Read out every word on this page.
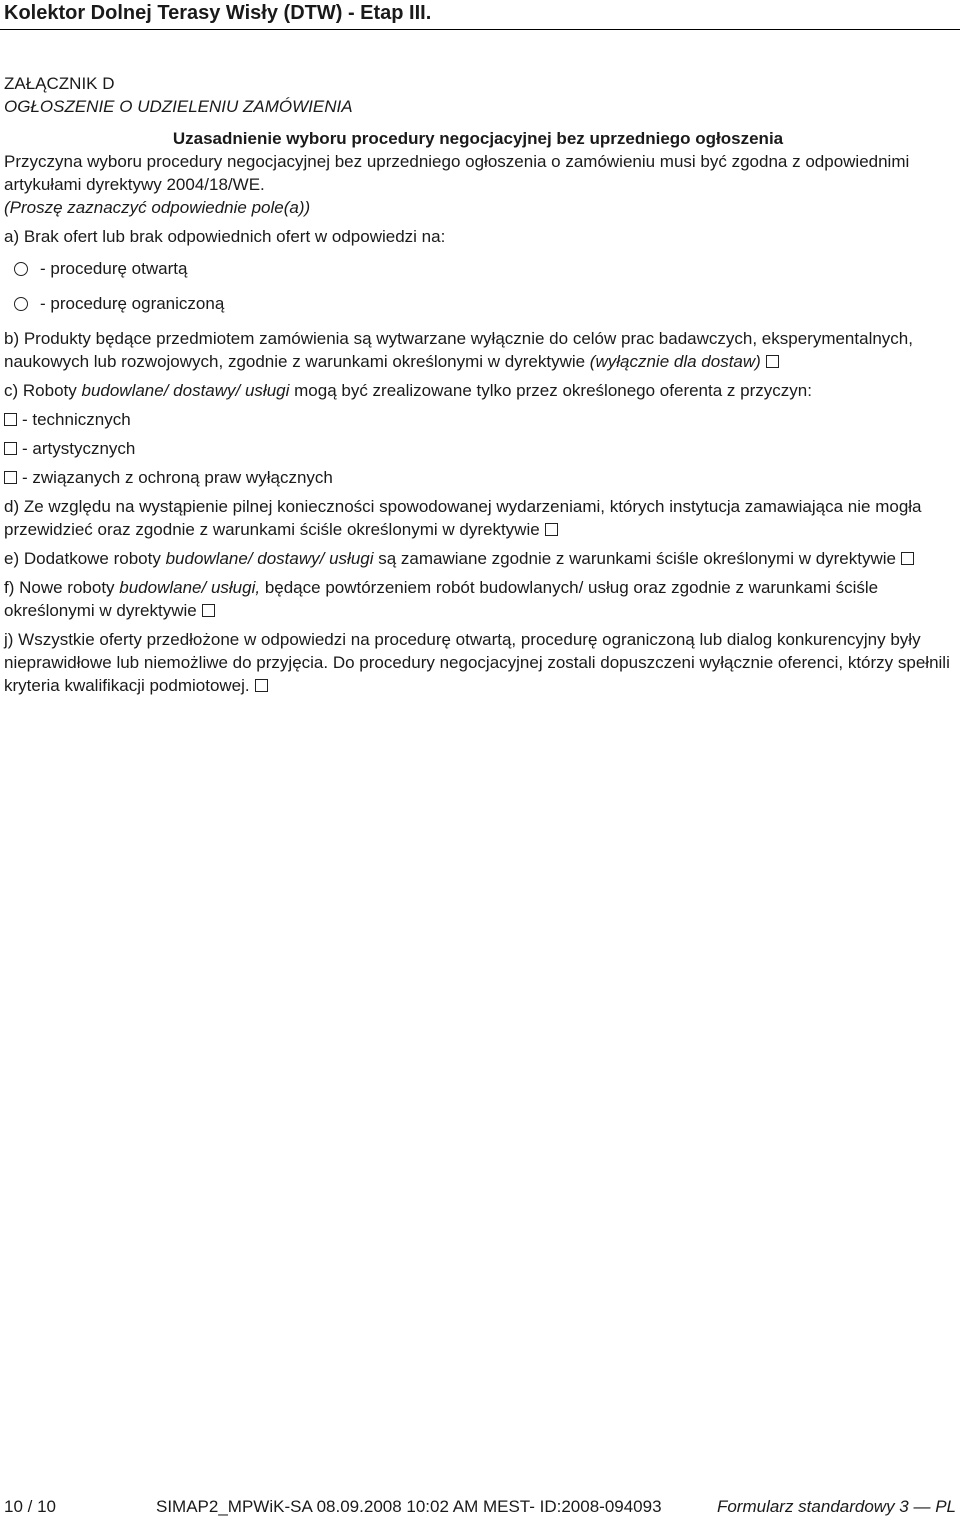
Kolektor Dolnej Terasy Wisły (DTW) - Etap III.

ZAŁĄCZNIK D

OGŁOSZENIE O UDZIELENIU ZAMÓWIENIA

Uzasadnienie wyboru procedury negocjacyjnej bez uprzedniego ogłoszenia

Przyczyna wyboru procedury negocjacyjnej bez uprzedniego ogłoszenia o zamówieniu musi być zgodna z odpowiednimi artykułami dyrektywy 2004/18/WE.

(Proszę zaznaczyć odpowiednie pole(a))

a) Brak ofert lub brak odpowiednich ofert w odpowiedzi na:

- procedurę otwartą
- procedurę ograniczoną

b) Produkty będące przedmiotem zamówienia są wytwarzane wyłącznie do celów prac badawczych, eksperymentalnych, naukowych lub rozwojowych, zgodnie z warunkami określonymi w dyrektywie (wyłącznie dla dostaw)

c) Roboty budowlane/ dostawy/ usługi mogą być zrealizowane tylko przez określonego oferenta z przyczyn:

- technicznych
- artystycznych
- związanych z ochroną praw wyłącznych

d) Ze względu na wystąpienie pilnej konieczności spowodowanej wydarzeniami, których instytucja zamawiająca nie mogła przewidzieć oraz zgodnie z warunkami ściśle określonymi w dyrektywie

e) Dodatkowe roboty budowlane/ dostawy/ usługi są zamawiane zgodnie z warunkami ściśle określonymi w dyrektywie

f) Nowe roboty budowlane/ usługi, będące powtórzeniem robót budowlanych/ usług oraz zgodnie z warunkami ściśle określonymi w dyrektywie

j) Wszystkie oferty przedłożone w odpowiedzi na procedurę otwartą, procedurę ograniczoną lub dialog konkurencyjny były nieprawidłowe lub niemożliwe do przyjęcia. Do procedury negocjacyjnej zostali dopuszczeni wyłącznie oferenci, którzy spełnili kryteria kwalifikacji podmiotowej.

10 / 10	SIMAP2_MPWiK-SA 08.09.2008 10:02 AM MEST- ID:2008-094093	Formularz standardowy 3 — PL
